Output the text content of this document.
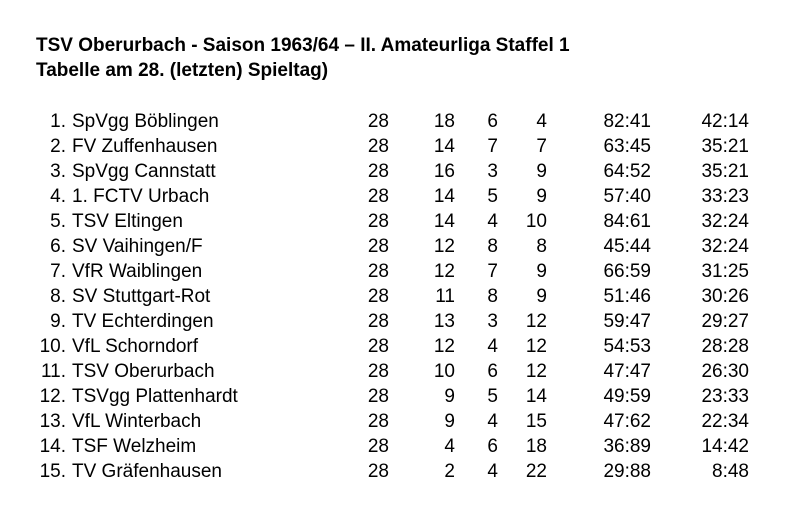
TSV Oberurbach - Saison 1963/64 – II. Amateurliga Staffel 1
Tabelle am 28. (letzten) Spieltag)
1. SpVgg Böblingen	28 18 6 4	82:41	42:14
2. FV Zuffenhausen	28 14 7 7	63:45	35:21
3. SpVgg Cannstatt	28 16 3 9	64:52	35:21
4. 1. FCTV Urbach	28 14 5 9	57:40	33:23
5. TSV Eltingen	28 14 4 10	84:61	32:24
6. SV Vaihingen/F	28 12 8 8	45:44	32:24
7. VfR Waiblingen	28 12 7 9	66:59	31:25
8. SV Stuttgart-Rot	28 11 8 9	51:46	30:26
9. TV Echterdingen	28 13 3 12	59:47	29:27
10. VfL Schorndorf	28 12 4 12	54:53	28:28
11. TSV Oberurbach	28 10 6 12	47:47	26:30
12. TSVgg Plattenhardt	28	9 5 14	49:59	23:33
13. VfL Winterbach	28	9 4 15	47:62	22:34
14. TSF Welzheim	28	4 6 18	36:89	14:42
15. TV Gräfenhausen	28	2 4 22	29:88	8:48
